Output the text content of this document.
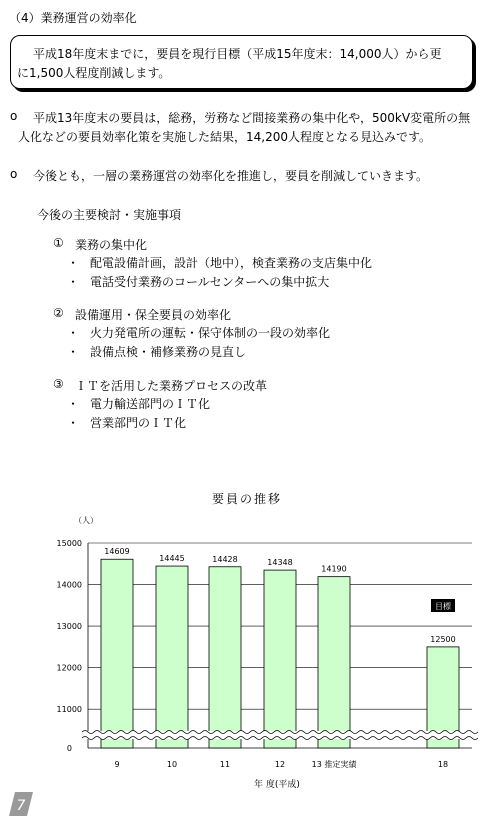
（4）業務運営の効率化
平成18年度末までに，要員を現行目標（平成15年度末：14,000人）から更
に1,500人程度削減します。
o 平成13年度末の要員は，総務，労務など間接業務の集中化や，500kV変電所の無
人化などの要員効率化策を実施した結果，14,200人程度となる見込みです。
o 今後とも，一層の業務運営の効率化を推進し，要員を削減していきます。
今後の主要検討・実施事項
① 業務の集中化
・ 配電設備計画，設計（地中），検査業務の支店集中化
・ 電話受付業務のコールセンターへの集中拡大
② 設備運用・保全要員の効率化
・ 火力発電所の運転・保守体制の一段の効率化
・ 設備点検・補修業務の見直し
③ ＩＴを活用した業務プロセスの改革
・ 電力輸送部門のＩＴ化
・ 営業部門のＩＴ化
要員の推移
（人）
年 度(平成)
15000
14000
13000
12000
11000
0
14609
9
14445
10
14428
11
14348
12
14190
13 推定実績
12500
18
目標
7
